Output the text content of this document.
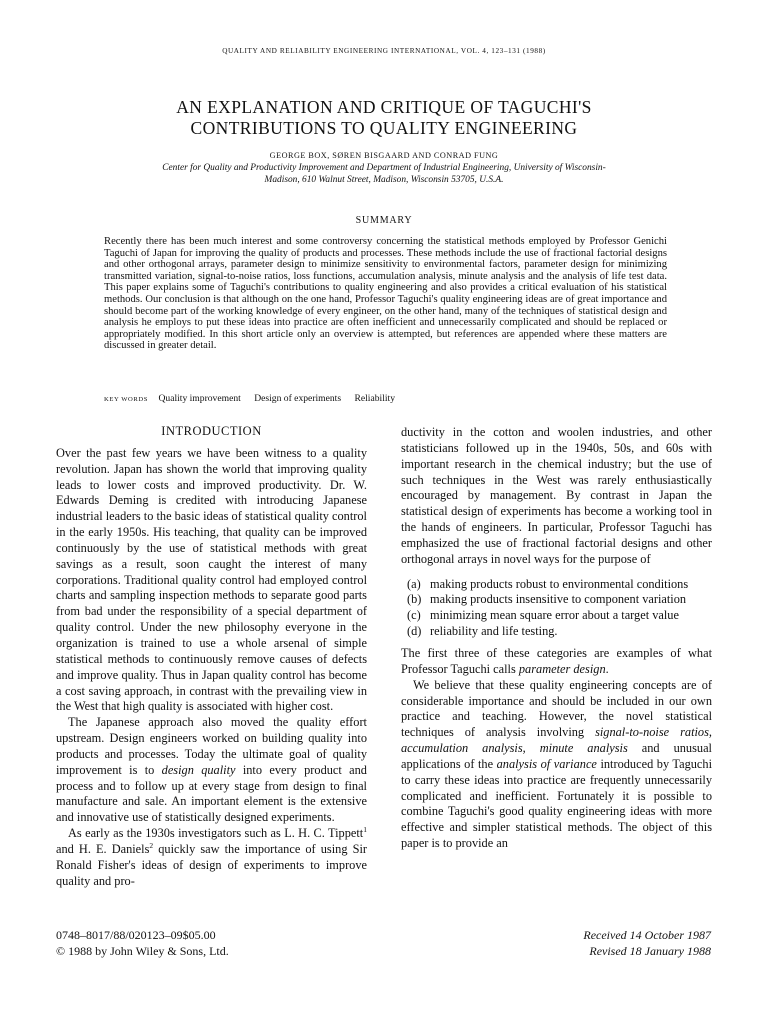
QUALITY AND RELIABILITY ENGINEERING INTERNATIONAL, VOL. 4, 123–131 (1988)
AN EXPLANATION AND CRITIQUE OF TAGUCHI'S
CONTRIBUTIONS TO QUALITY ENGINEERING
GEORGE BOX, SØREN BISGAARD AND CONRAD FUNG
Center for Quality and Productivity Improvement and Department of Industrial Engineering, University of Wisconsin-
Madison, 610 Walnut Street, Madison, Wisconsin 53705, U.S.A.
SUMMARY

Recently there has been much interest and some controversy concerning the statistical methods employed by Professor Genichi Taguchi of Japan for improving the quality of products and processes. These methods include the use of fractional factorial designs and other orthogonal arrays, parameter design to minimize sensitivity to environmental factors, parameter design for minimizing transmitted variation, signal-to-noise ratios, loss functions, accumulation analysis, minute analysis and the analysis of life test data. This paper explains some of Taguchi's contributions to quality engineering and also provides a critical evaluation of his statistical methods. Our conclusion is that although on the one hand, Professor Taguchi's quality engineering ideas are of great importance and should become part of the working knowledge of every engineer, on the other hand, many of the techniques of statistical design and analysis he employs to put these ideas into practice are often inefficient and unnecessarily complicated and should be replaced or appropriately modified. In this short article only an overview is attempted, but references are appended where these matters are discussed in greater detail.

KEY WORDS Quality improvement Design of experiments Reliability
INTRODUCTION

Over the past few years we have been witness to a quality revolution. Japan has shown the world that improving quality leads to lower costs and improved productivity. Dr. W. Edwards Deming is credited with introducing Japanese industrial leaders to the basic ideas of statistical quality control in the early 1950s. His teaching, that quality can be improved continuously by the use of statistical methods with great savings as a result, soon caught the interest of many corporations. Traditional quality control had employed control charts and sampling inspection methods to separate good parts from bad under the responsibility of a special department of quality control. Under the new philosophy everyone in the organization is trained to use a whole arsenal of simple statistical methods to continuously remove causes of defects and improve quality. Thus in Japan quality control has become a cost saving approach, in contrast with the prevailing view in the West that high quality is associated with higher cost.

The Japanese approach also moved the quality effort upstream. Design engineers worked on building quality into products and processes. Today the ultimate goal of quality improvement is to design quality into every product and process and to follow up at every stage from design to final manufacture and sale. An important element is the extensive and innovative use of statistically designed experiments.

As early as the 1930s investigators such as L. H. C. Tippett$^1$ and H. E. Daniels$^2$ quickly saw the importance of using Sir Ronald Fisher's ideas of design of experiments to improve quality and pro-

ductivity in the cotton and woolen industries, and other statisticians followed up in the 1940s, 50s, and 60s with important research in the chemical industry; but the use of such techniques in the West was rarely enthusiastically encouraged by management. By contrast in Japan the statistical design of experiments has become a working tool in the hands of engineers. In particular, Professor Taguchi has emphasized the use of fractional factorial designs and other orthogonal arrays in novel ways for the purpose of

(a) making products robust to environmental conditions
(b) making products insensitive to component variation
(c) minimizing mean square error about a target value
(d) reliability and life testing.

The first three of these categories are examples of what Professor Taguchi calls parameter design.

We believe that these quality engineering concepts are of considerable importance and should be included in our own practice and teaching. However, the novel statistical techniques of analysis involving signal-to-noise ratios, accumulation analysis, minute analysis and unusual applications of the analysis of variance introduced by Taguchi to carry these ideas into practice are frequently unnecessarily complicated and inefficient. Fortunately it is possible to combine Taguchi's good quality engineering ideas with more effective and simpler statistical methods. The object of this paper is to provide an

0748–8017/88/020123–09$05.00
© 1988 by John Wiley & Sons, Ltd.
Received 14 October 1987
Revised 18 January 1988
